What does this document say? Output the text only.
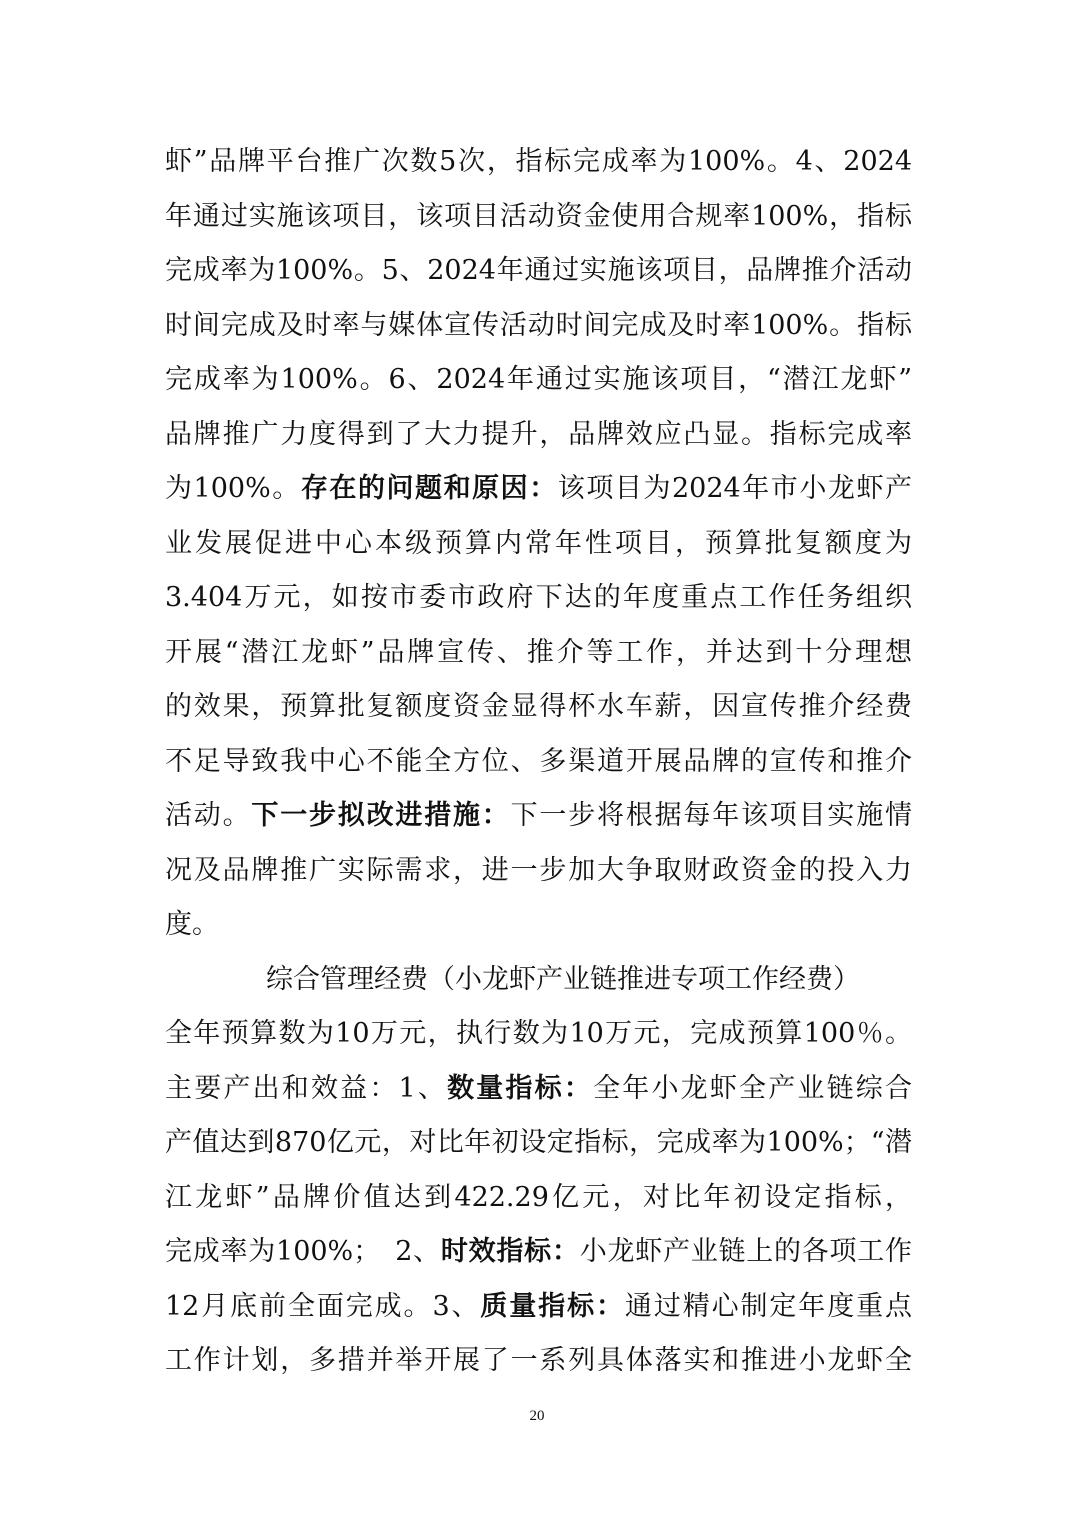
虾”品牌平台推广次数5次，指标完成率为100%。4、2024
年通过实施该项目，该项目活动资金使用合规率100%，指标
完成率为100%。5、2024年通过实施该项目，品牌推介活动
时间完成及时率与媒体宣传活动时间完成及时率100%。指标
完成率为100%。6、2024年通过实施该项目，“潜江龙虾”
品牌推广力度得到了大力提升，品牌效应凸显。指标完成率
为100%。存在的问题和原因：该项目为2024年市小龙虾产
业发展促进中心本级预算内常年性项目，预算批复额度为
3.404万元，如按市委市政府下达的年度重点工作任务组织
开展“潜江龙虾”品牌宣传、推介等工作，并达到十分理想
的效果，预算批复额度资金显得杯水车薪，因宣传推介经费
不足导致我中心不能全方位、多渠道开展品牌的宣传和推介
活动。下一步拟改进措施：下一步将根据每年该项目实施情
况及品牌推广实际需求，进一步加大争取财政资金的投入力
度。
综合管理经费（小龙虾产业链推进专项工作经费）
全年预算数为10万元，执行数为10万元，完成预算100％。
主要产出和效益：1、数量指标：全年小龙虾全产业链综合
产值达到870亿元，对比年初设定指标，完成率为100%；“潜
江龙虾”品牌价值达到422.29亿元，对比年初设定指标，
完成率为100%；　2、时效指标：小龙虾产业链上的各项工作
12月底前全面完成。3、质量指标：通过精心制定年度重点
工作计划，多措并举开展了一系列具体落实和推进小龙虾全
20
